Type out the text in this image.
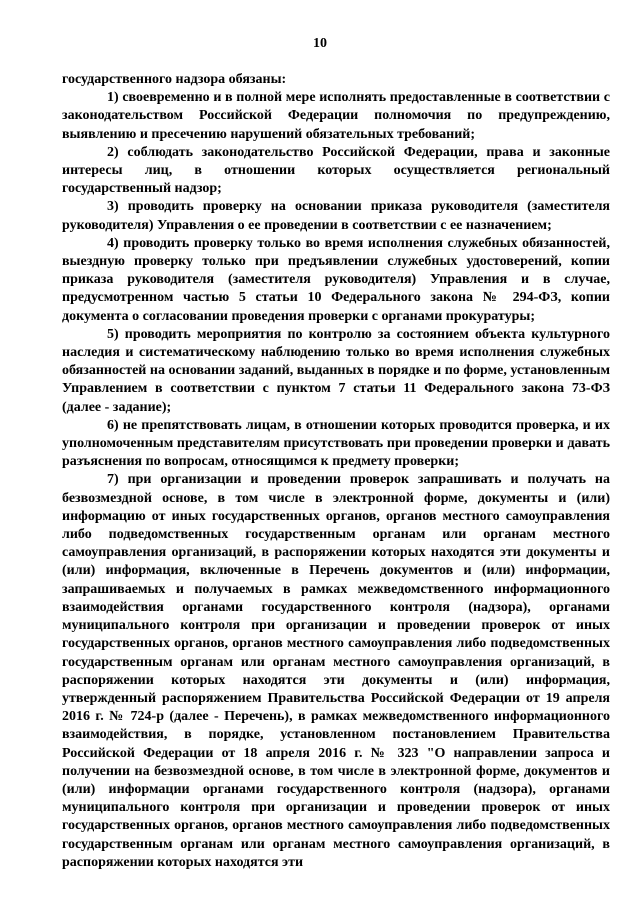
10

государственного надзора обязаны:

1) своевременно и в полной мере исполнять предоставленные в соответствии с законодательством Российской Федерации полномочия по предупреждению, выявлению и пресечению нарушений обязательных требований;

2) соблюдать законодательство Российской Федерации, права и законные интересы лиц, в отношении которых осуществляется региональный государственный надзор;

3) проводить проверку на основании приказа руководителя (заместителя руководителя) Управления о ее проведении в соответствии с ее назначением;

4) проводить проверку только во время исполнения служебных обязанностей, выездную проверку только при предъявлении служебных удостоверений, копии приказа руководителя (заместителя руководителя) Управления и в случае, предусмотренном частью 5 статьи 10 Федерального закона № 294-ФЗ, копии документа о согласовании проведения проверки с органами прокуратуры;

5) проводить мероприятия по контролю за состоянием объекта культурного наследия и систематическому наблюдению только во время исполнения служебных обязанностей на основании заданий, выданных в порядке и по форме, установленным Управлением в соответствии с пунктом 7 статьи 11 Федерального закона 73-ФЗ (далее - задание);

6) не препятствовать лицам, в отношении которых проводится проверка, и их уполномоченным представителям присутствовать при проведении проверки и давать разъяснения по вопросам, относящимся к предмету проверки;

7) при организации и проведении проверок запрашивать и получать на безвозмездной основе, в том числе в электронной форме, документы и (или) информацию от иных государственных органов, органов местного самоуправления либо подведомственных государственным органам или органам местного самоуправления организаций, в распоряжении которых находятся эти документы и (или) информация, включенные в Перечень документов и (или) информации, запрашиваемых и получаемых в рамках межведомственного информационного взаимодействия органами государственного контроля (надзора), органами муниципального контроля при организации и проведении проверок от иных государственных органов, органов местного самоуправления либо подведомственных государственным органам или органам местного самоуправления организаций, в распоряжении которых находятся эти документы и (или) информация, утвержденный распоряжением Правительства Российской Федерации от 19 апреля 2016 г. № 724-р (далее - Перечень), в рамках межведомственного информационного взаимодействия, в порядке, установленном постановлением Правительства Российской Федерации от 18 апреля 2016 г. № 323 "О направлении запроса и получении на безвозмездной основе, в том числе в электронной форме, документов и (или) информации органами государственного контроля (надзора), органами муниципального контроля при организации и проведении проверок от иных государственных органов, органов местного самоуправления либо подведомственных государственным органам или органам местного самоуправления организаций, в распоряжении которых находятся эти
